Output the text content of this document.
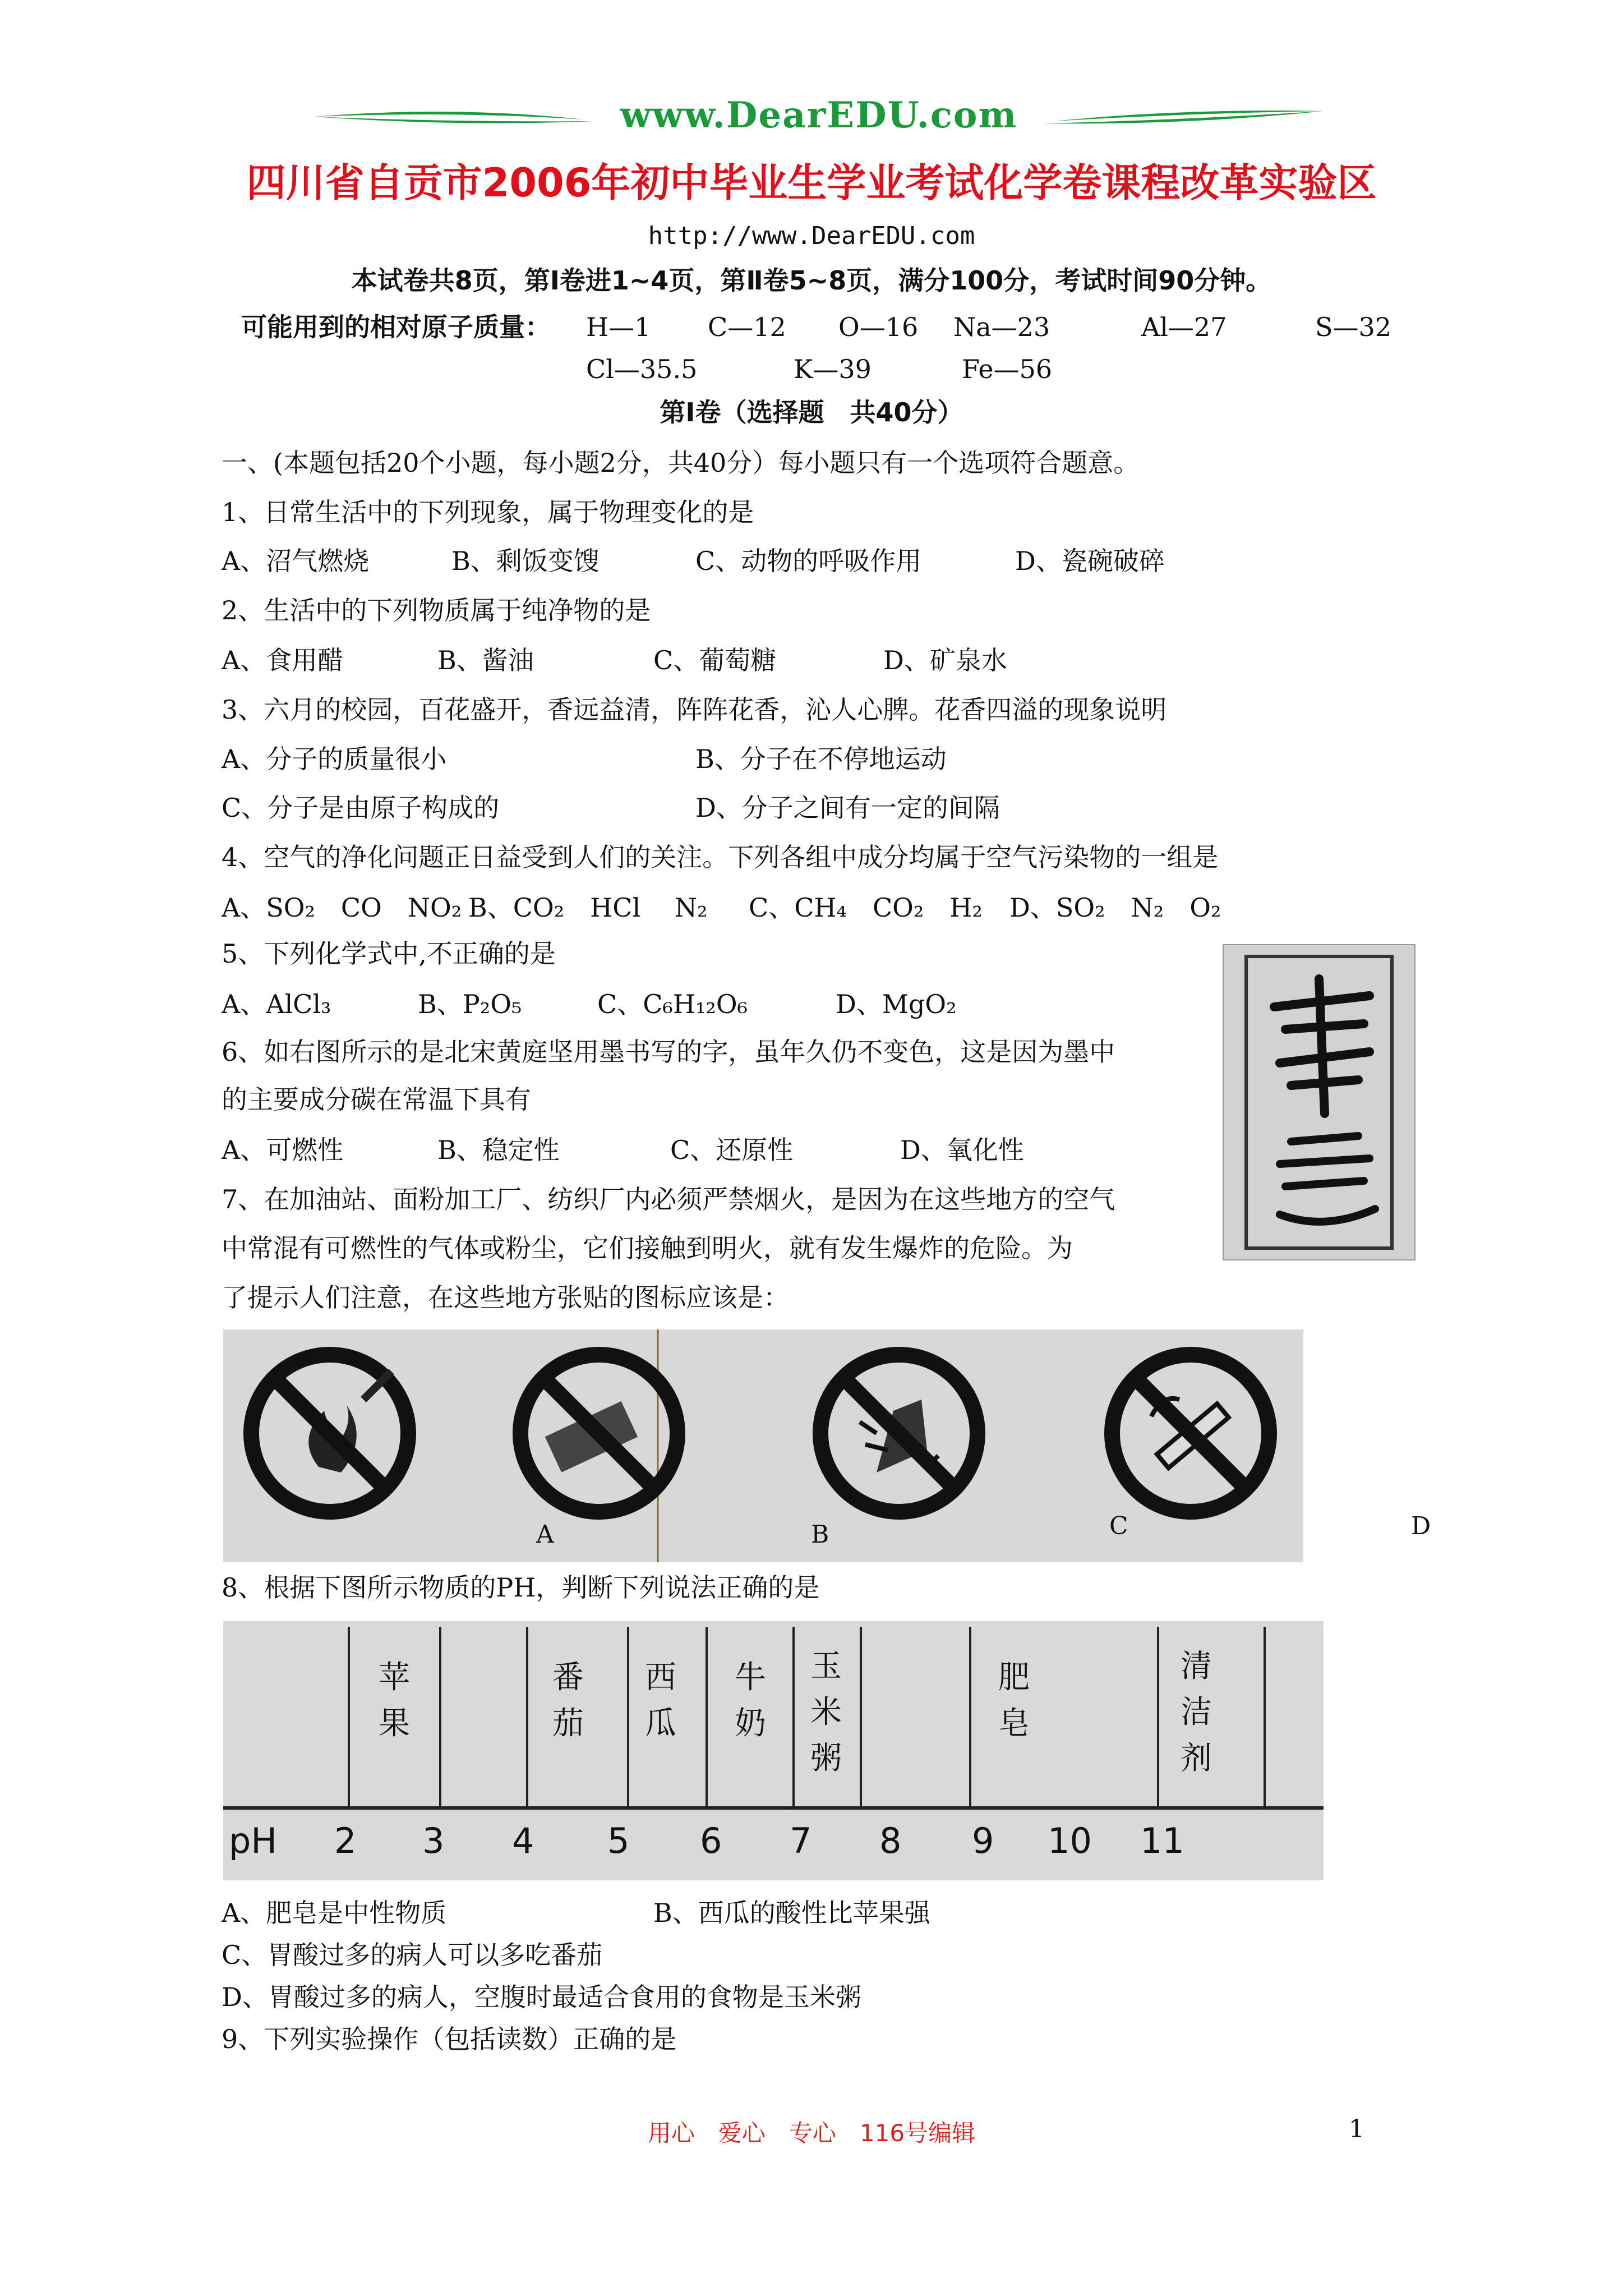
www.DearEDU.com
四川省自贡市2006年初中毕业生学业考试化学卷课程改革实验区
http://www.DearEDU.com
本试卷共8页，第Ⅰ卷进1~4页，第Ⅱ卷5~8页，满分100分，考试时间90分钟。
可能用到的相对原子质量： H—1 C—12 O—16 Na—23	Al—27	S—32
Cl—35.5	K—39	Fe—56
第Ⅰ卷（选择题　共40分）
一、(本题包括20个小题，每小题2分，共40分）每小题只有一个选项符合题意。
1、日常生活中的下列现象，属于物理变化的是
A、沼气燃烧	B、剩饭变馊	C、动物的呼吸作用	D、瓷碗破碎
2、生活中的下列物质属于纯净物的是
A、食用醋	B、酱油	C、葡萄糖	D、矿泉水
3、六月的校园，百花盛开，香远益清，阵阵花香，沁人心脾。花香四溢的现象说明
A、分子的质量很小	B、分子在不停地运动
C、分子是由原子构成的	D、分子之间有一定的间隔
4、空气的净化问题正日益受到人们的关注。下列各组中成分均属于空气污染物的一组是
A、SO₂　CO　NO₂ B、CO₂　HCl　 N₂ C、CH₄　CO₂　H₂ D、SO₂　N₂　O₂
5、下列化学式中,不正确的是
A、AlCl₃	B、P₂O₅	C、C₆H₁₂O₆	D、MgO₂
6、如右图所示的是北宋黄庭坚用墨书写的字，虽年久仍不变色，这是因为墨中
的主要成分碳在常温下具有
A、可燃性	B、稳定性	C、还原性	D、氧化性
7、在加油站、面粉加工厂、纺织厂内必须严禁烟火，是因为在这些地方的空气
中常混有可燃性的气体或粉尘，它们接触到明火，就有发生爆炸的危险。为
了提示人们注意，在这些地方张贴的图标应该是：
A	B	C	D
8、根据下图所示物质的PH，判断下列说法正确的是
苹
果
番
茄
西
瓜
牛
奶
玉
米
粥
肥
皂
清
洁
剂
pH 2 3 4 5 6 7 8 9 10 11
A、肥皂是中性物质	B、西瓜的酸性比苹果强
C、胃酸过多的病人可以多吃番茄
D、胃酸过多的病人，空腹时最适合食用的食物是玉米粥
9、下列实验操作（包括读数）正确的是
用心　爱心　专心　116号编辑	1
